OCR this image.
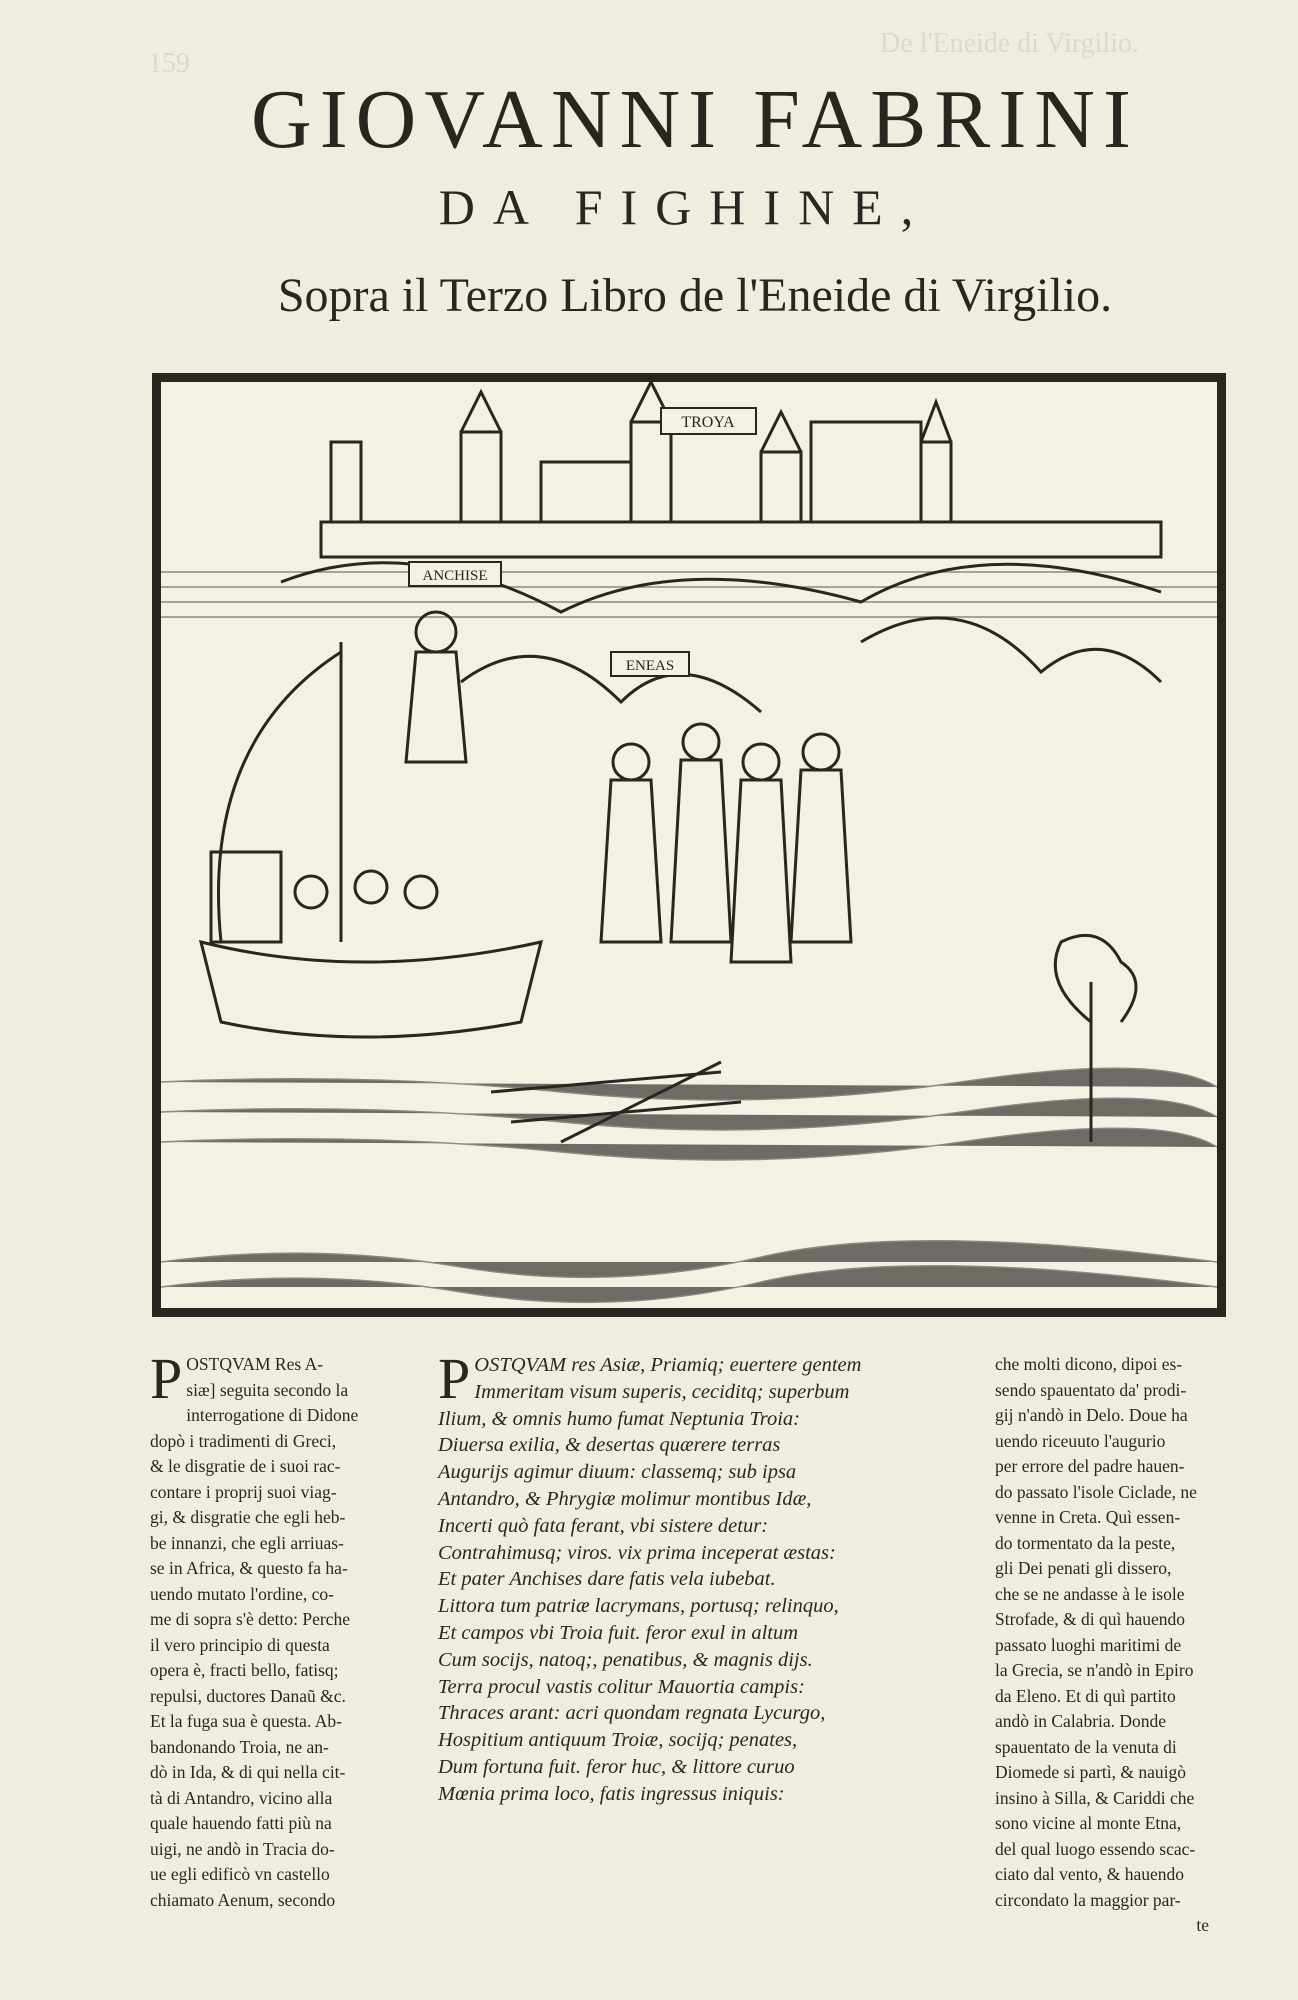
De l'Eneide di Virgilio.
159
GIOVANNI FABRINI
DA FIGHINE,
Sopra il Terzo Libro de l'Eneide di Virgilio.
TROYA
ANCHISE
ENEAS
P OSTQVAM Res A-
siæ] seguita secondo la
interrogatione di Didone
dopò i tradimenti di Greci,
& le disgratie de i suoi rac-
contare i proprij suoi viag-
gi, & disgratie che egli heb-
be innanzi, che egli arriuas-
se in Africa, & questo fa ha-
uendo mutato l'ordine, co-
me di sopra s'è detto: Perche
il vero principio di questa
opera è, fracti bello, fatisq;
repulsi, ductores Danaũ &c.
Et la fuga sua è questa. Ab-
bandonando Troia, ne an-
dò in Ida, & di qui nella cit-
tà di Antandro, vicino alla
quale hauendo fatti più na
uigi, ne andò in Tracia do-
ue egli edificò vn castello
chiamato Aenum, secondo
P OSTQVAM res Asiæ, Priamiq; euertere gentem
Immeritam visum superis, ceciditq; superbum
Ilium, & omnis humo fumat Neptunia Troia:
Diuersa exilia, & desertas quærere terras
Augurijs agimur diuum: classemq; sub ipsa
Antandro, & Phrygiæ molimur montibus Idæ,
Incerti quò fata ferant, vbi sistere detur:
Contrahimusq; viros. vix prima inceperat æstas:
Et pater Anchises dare fatis vela iubebat.
Littora tum patriæ lacrymans, portusq; relinquo,
Et campos vbi Troia fuit. feror exul in altum
Cum socijs, natoq;, penatibus, & magnis dijs.
Terra procul vastis colitur Mauortia campis:
Thraces arant: acri quondam regnata Lycurgo,
Hospitium antiquum Troiæ, socijq; penates,
Dum fortuna fuit. feror huc, & littore curuo
Mœnia prima loco, fatis ingressus iniquis:
che molti dicono, dipoi es-
sendo spauentato da' prodi-
gij n'andò in Delo. Doue ha
uendo riceuuto l'augurio
per errore del padre hauen-
do passato l'isole Ciclade, ne
venne in Creta. Quì essen-
do tormentato da la peste,
gli Dei penati gli dissero,
che se ne andasse à le isole
Strofade, & di quì hauendo
passato luoghi maritimi de
la Grecia, se n'andò in Epiro
da Eleno. Et di quì partito
andò in Calabria. Donde
spauentato de la venuta di
Diomede si partì, & nauigò
insino à Silla, & Cariddi che
sono vicine al monte Etna,
del qual luogo essendo scac-
ciato dal vento, & hauendo
circondato la maggior par-
te
